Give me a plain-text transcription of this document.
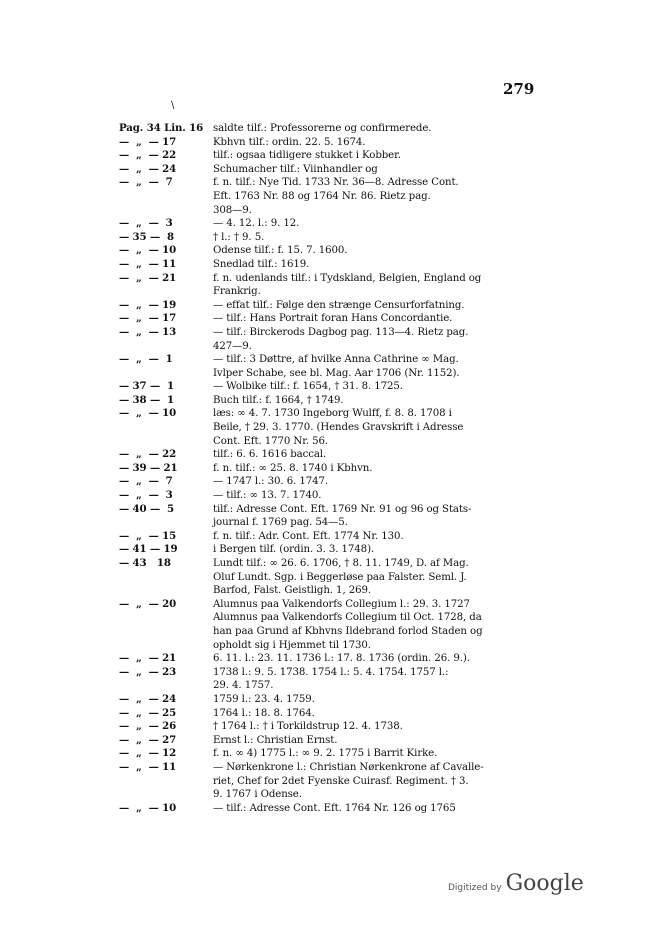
279
\
Pag. 34 Lin. 16 saldte tilf.: Professorerne og confirmerede.
—  „  — 17	Kbhvn tilf.: ordin. 22. 5. 1674.
—  „  — 22	tilf.: ogsaa tidligere stukket i Kobber.
—  „  — 24	Schumacher tilf.: Viinhandler og
—  „  —  7	f. n. tilf.: Nye Tid. 1733 Nr. 36—8. Adresse Cont.
Eft. 1763 Nr. 88 og 1764 Nr. 86. Rietz pag.
308—9.
—  „  —  3	— 4. 12. l.: 9. 12.
— 35 —  8	† l.: † 9. 5.
—  „  — 10	Odense tilf.: f. 15. 7. 1600.
—  „  — 11	Snedlad tilf.: 1619.
—  „  — 21	f. n. udenlands tilf.: i Tydskland, Belgien, England og
Frankrig.
—  „  — 19	— effat tilf.: Følge den strænge Censurforfatning.
—  „  — 17	— tilf.: Hans Portrait foran Hans Concordantie.
—  „  — 13	— tilf.: Birckerods Dagbog pag. 113—4. Rietz pag.
427—9.
—  „  —  1	— tilf.: 3 Døttre, af hvilke Anna Cathrine ∞ Mag.
Ivlper Schabe, see bl. Mag. Aar 1706 (Nr. 1152).
— 37 —  1	— Wolbike tilf.: f. 1654, † 31. 8. 1725.
— 38 —  1	Buch tilf.: f. 1664, † 1749.
—  „  — 10	læs: ∞ 4. 7. 1730 Ingeborg Wulff, f. 8. 8. 1708 i
Beile, † 29. 3. 1770. (Hendes Gravskrift i Adresse
Cont. Eft. 1770 Nr. 56.
—  „  — 22	tilf.: 6. 6. 1616 baccal.
— 39 — 21	f. n. tilf.: ∞ 25. 8. 1740 i Kbhvn.
—  „  —  7	— 1747 l.: 30. 6. 1747.
—  „  —  3	— tilf.: ∞ 13. 7. 1740.
— 40 —  5	tilf.: Adresse Cont. Eft. 1769 Nr. 91 og 96 og Stats-
journal f. 1769 pag. 54—5.
—  „  — 15	f. n. tilf.: Adr. Cont. Eft. 1774 Nr. 130.
— 41 — 19	i Bergen tilf. (ordin. 3. 3. 1748).
— 43   18	Lundt tilf.: ∞ 26. 6. 1706, † 8. 11. 1749, D. af Mag.
Oluf Lundt. Sgp. i Beggerløse paa Falster. Seml. J.
Barfod, Falst. Geistligh. 1, 269.
—  „  — 20	Alumnus paa Valkendorfs Collegium l.: 29. 3. 1727
Alumnus paa Valkendorfs Collegium til Oct. 1728, da
han paa Grund af Kbhvns Ildebrand forlod Staden og
opholdt sig i Hjemmet til 1730.
—  „  — 21	6. 11. l.: 23. 11. 1736 l.: 17. 8. 1736 (ordin. 26. 9.).
—  „  — 23	1738 l.: 9. 5. 1738. 1754 l.: 5. 4. 1754. 1757 l.:
29. 4. 1757.
—  „  — 24	1759 l.: 23. 4. 1759.
—  „  — 25	1764 l.: 18. 8. 1764.
—  „  — 26	† 1764 l.: † i Torkildstrup 12. 4. 1738.
—  „  — 27	Ernst l.: Christian Ernst.
—  „  — 12	f. n. ∞ 4) 1775 l.: ∞ 9. 2. 1775 i Barrit Kirke.
—  „  — 11	— Nørkenkrone l.: Christian Nørkenkrone af Cavalle-
riet, Chef for 2det Fyenske Cuirasf. Regiment. † 3.
9. 1767 i Odense.
—  „  — 10	— tilf.: Adresse Cont. Eft. 1764 Nr. 126 og 1765
Digitized by Google
